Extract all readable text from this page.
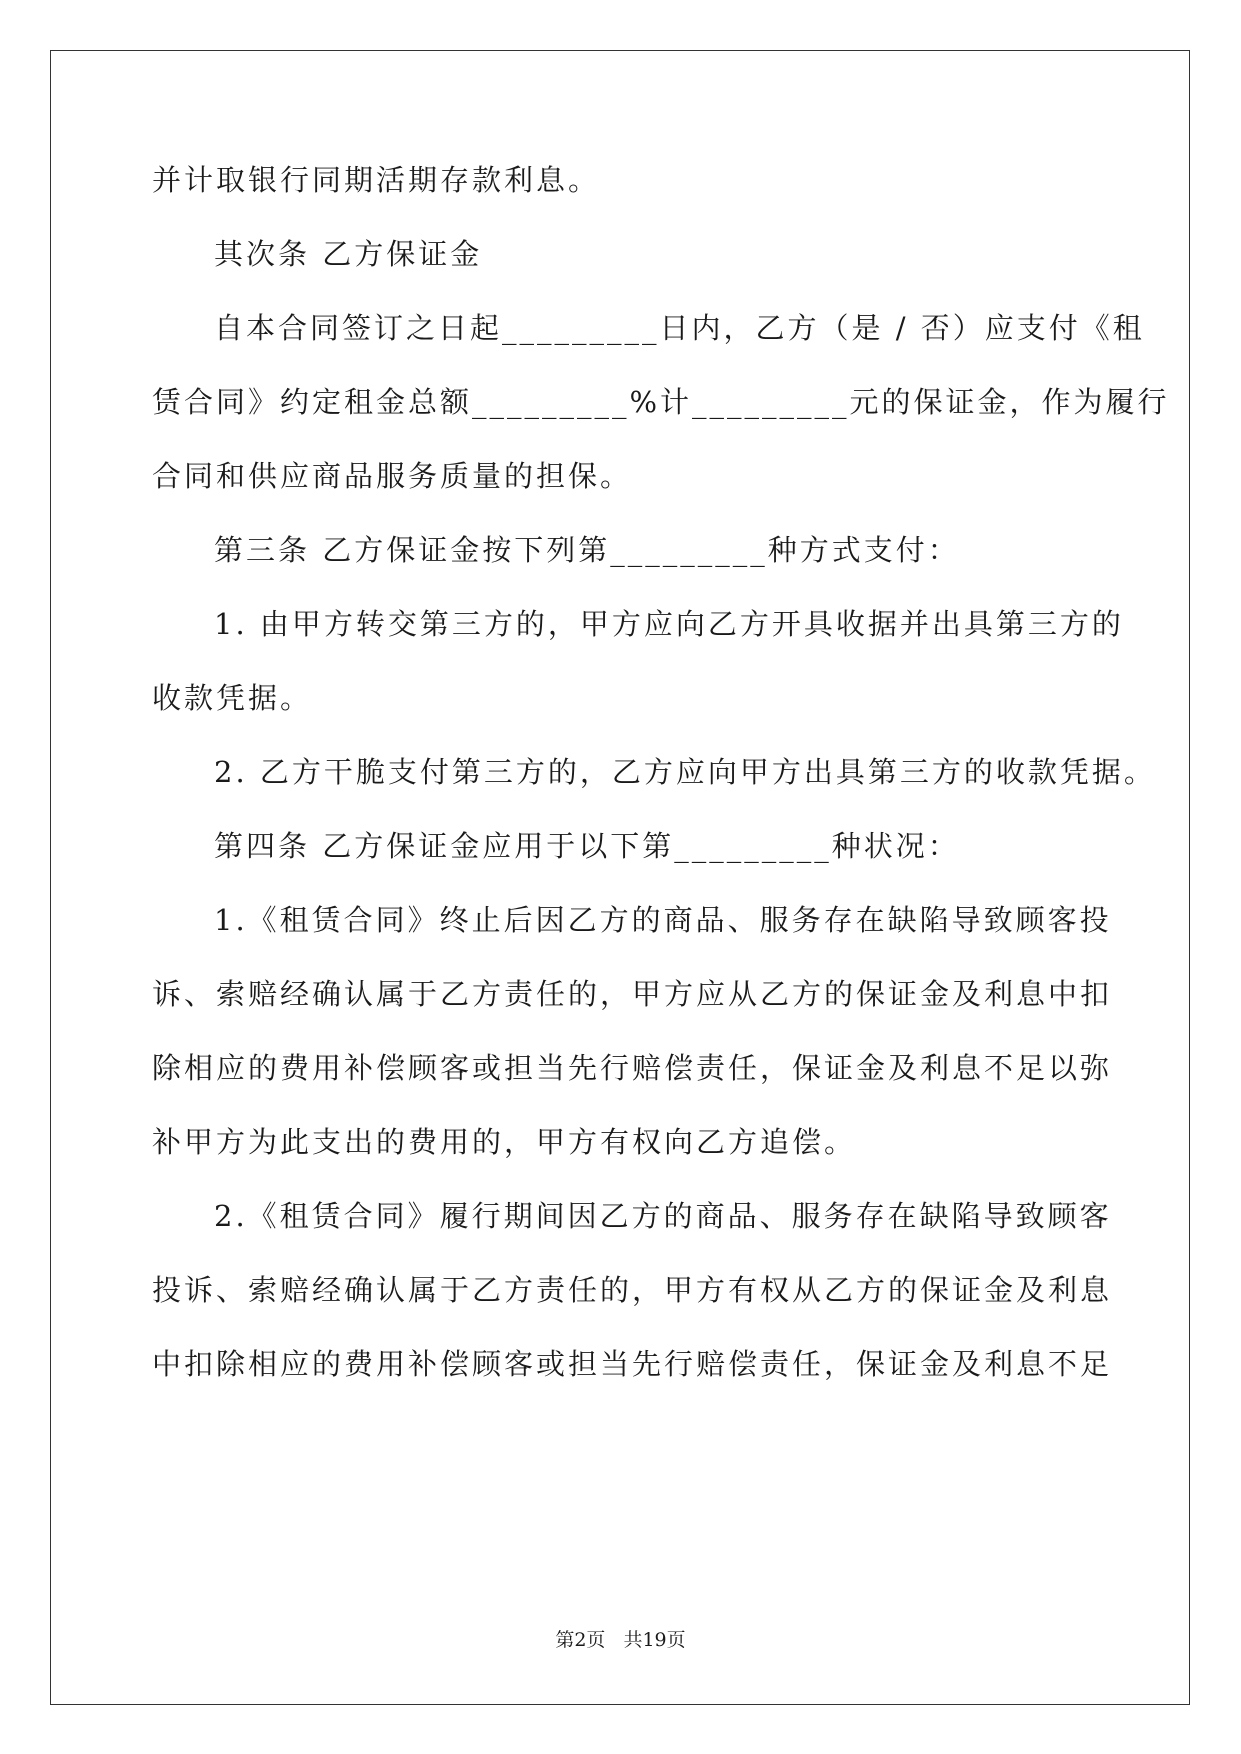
并计取银行同期活期存款利息。
其次条 乙方保证金
自本合同签订之日起_________日内，乙方（是 / 否）应支付《租
赁合同》约定租金总额_________%计_________元的保证金，作为履行
合同和供应商品服务质量的担保。
第三条 乙方保证金按下列第_________种方式支付：
1. 由甲方转交第三方的，甲方应向乙方开具收据并出具第三方的
收款凭据。
2. 乙方干脆支付第三方的，乙方应向甲方出具第三方的收款凭据。
第四条 乙方保证金应用于以下第_________种状况：
1.《租赁合同》终止后因乙方的商品、服务存在缺陷导致顾客投
诉、索赔经确认属于乙方责任的，甲方应从乙方的保证金及利息中扣
除相应的费用补偿顾客或担当先行赔偿责任，保证金及利息不足以弥
补甲方为此支出的费用的，甲方有权向乙方追偿。
2.《租赁合同》履行期间因乙方的商品、服务存在缺陷导致顾客
投诉、索赔经确认属于乙方责任的，甲方有权从乙方的保证金及利息
中扣除相应的费用补偿顾客或担当先行赔偿责任，保证金及利息不足
第2页 共19页
